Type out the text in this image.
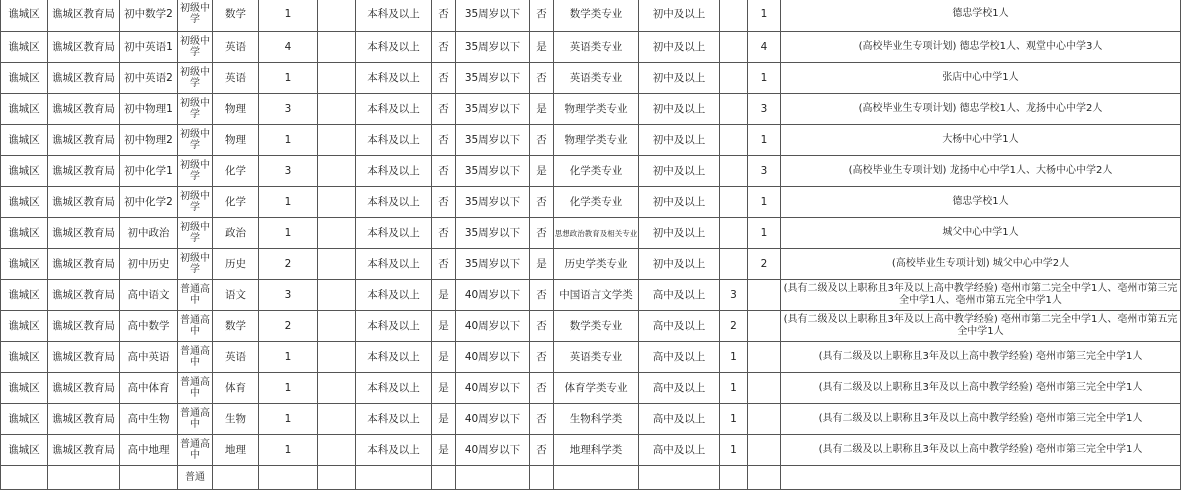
谯城区	谯城区教育局	初中数学2	初级中学	数学	1		本科及以上	否	35周岁以下	否	数学类专业	初中及以上		1	德忠学校1人
谯城区	谯城区教育局	初中英语1	初级中学	英语	4		本科及以上	否	35周岁以下	是	英语类专业	初中及以上		4	(高校毕业生专项计划) 德忠学校1人、观堂中心中学3人
谯城区	谯城区教育局	初中英语2	初级中学	英语	1		本科及以上	否	35周岁以下	否	英语类专业	初中及以上		1	张店中心中学1人
谯城区	谯城区教育局	初中物理1	初级中学	物理	3		本科及以上	否	35周岁以下	是	物理学类专业	初中及以上		3	(高校毕业生专项计划) 德忠学校1人、龙扬中心中学2人
谯城区	谯城区教育局	初中物理2	初级中学	物理	1		本科及以上	否	35周岁以下	否	物理学类专业	初中及以上		1	大杨中心中学1人
谯城区	谯城区教育局	初中化学1	初级中学	化学	3		本科及以上	否	35周岁以下	是	化学类专业	初中及以上		3	(高校毕业生专项计划) 龙扬中心中学1人、大杨中心中学2人
谯城区	谯城区教育局	初中化学2	初级中学	化学	1		本科及以上	否	35周岁以下	否	化学类专业	初中及以上		1	德忠学校1人
谯城区	谯城区教育局	初中政治	初级中学	政治	1		本科及以上	否	35周岁以下	否	思想政治教育及相关专业	初中及以上		1	城父中心中学1人
谯城区	谯城区教育局	初中历史	初级中学	历史	2		本科及以上	否	35周岁以下	是	历史学类专业	初中及以上		2	(高校毕业生专项计划) 城父中心中学2人
谯城区	谯城区教育局	高中语文	普通高中	语文	3		本科及以上	是	40周岁以下	否	中国语言文学类	高中及以上	3		(具有二级及以上职称且3年及以上高中教学经验) 亳州市第二完全中学1人、亳州市第三完全中学1人、亳州市第五完全中学1人
谯城区	谯城区教育局	高中数学	普通高中	数学	2		本科及以上	是	40周岁以下	否	数学类专业	高中及以上	2		(具有二级及以上职称且3年及以上高中教学经验) 亳州市第二完全中学1人、亳州市第五完全中学1人
谯城区	谯城区教育局	高中英语	普通高中	英语	1		本科及以上	是	40周岁以下	否	英语类专业	高中及以上	1		(具有二级及以上职称且3年及以上高中教学经验) 亳州市第三完全中学1人
谯城区	谯城区教育局	高中体育	普通高中	体育	1		本科及以上	是	40周岁以下	否	体育学类专业	高中及以上	1		(具有二级及以上职称且3年及以上高中教学经验) 亳州市第三完全中学1人
谯城区	谯城区教育局	高中生物	普通高中	生物	1		本科及以上	是	40周岁以下	否	生物科学类	高中及以上	1		(具有二级及以上职称且3年及以上高中教学经验) 亳州市第三完全中学1人
谯城区	谯城区教育局	高中地理	普通高中	地理	1		本科及以上	是	40周岁以下	否	地理科学类	高中及以上	1		(具有二级及以上职称且3年及以上高中教学经验) 亳州市第三完全中学1人
			普通												
